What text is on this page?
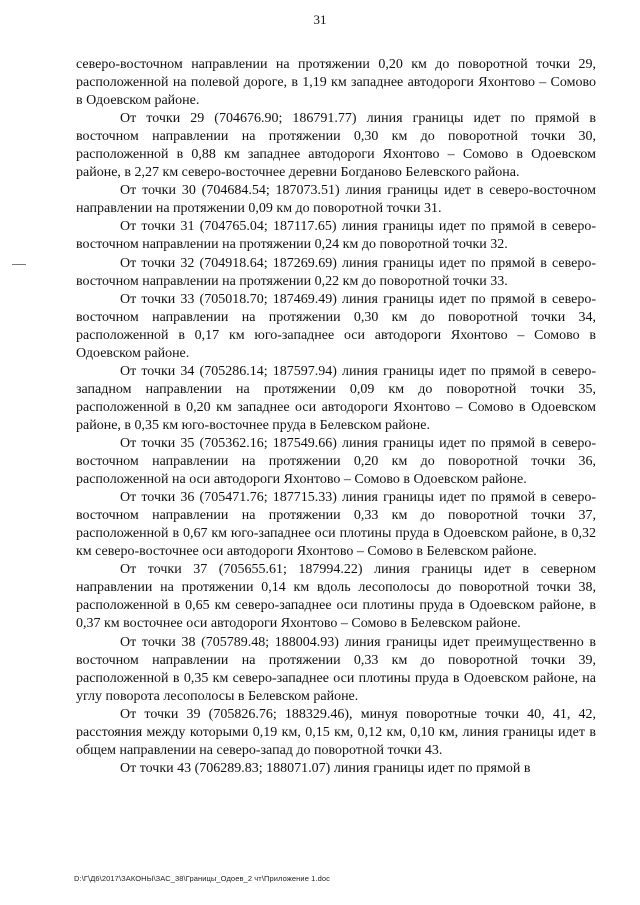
31

северо-восточном направлении на протяжении 0,20 км до поворотной точки 29, расположенной на полевой дороге, в 1,19 км западнее автодороги Яхонтово – Сомово в Одоевском районе.

От точки 29 (704676.90; 186791.77) линия границы идет по прямой в восточном направлении на протяжении 0,30 км до поворотной точки 30, расположенной в 0,88 км западнее автодороги Яхонтово – Сомово в Одоевском районе, в 2,27 км северо-восточнее деревни Богданово Белевского района.

От точки 30 (704684.54; 187073.51) линия границы идет в северо-восточном направлении на протяжении 0,09 км до поворотной точки 31.

От точки 31 (704765.04; 187117.65) линия границы идет по прямой в северо-восточном направлении на протяжении 0,24 км до поворотной точки 32.

От точки 32 (704918.64; 187269.69) линия границы идет по прямой в северо-восточном направлении на протяжении 0,22 км до поворотной точки 33.

От точки 33 (705018.70; 187469.49) линия границы идет по прямой в северо-восточном направлении на протяжении 0,30 км до поворотной точки 34, расположенной в 0,17 км юго-западнее оси автодороги Яхонтово – Сомово в Одоевском районе.

От точки 34 (705286.14; 187597.94) линия границы идет по прямой в северо-западном направлении на протяжении 0,09 км до поворотной точки 35, расположенной в 0,20 км западнее оси автодороги Яхонтово – Сомово в Одоевском районе, в 0,35 км юго-восточнее пруда в Белевском районе.

От точки 35 (705362.16; 187549.66) линия границы идет по прямой в северо-восточном направлении на протяжении 0,20 км до поворотной точки 36, расположенной на оси автодороги Яхонтово – Сомово в Одоевском районе.

От точки 36 (705471.76; 187715.33) линия границы идет по прямой в северо-восточном направлении на протяжении 0,33 км до поворотной точки 37, расположенной в 0,67 км юго-западнее оси плотины пруда в Одоевском районе, в 0,32 км северо-восточнее оси автодороги Яхонтово – Сомово в Белевском районе.

От точки 37 (705655.61; 187994.22) линия границы идет в северном направлении на протяжении 0,14 км вдоль лесополосы до поворотной точки 38, расположенной в 0,65 км северо-западнее оси плотины пруда в Одоевском районе, в 0,37 км восточнее оси автодороги Яхонтово – Сомово в Белевском районе.

От точки 38 (705789.48; 188004.93) линия границы идет преимущественно в восточном направлении на протяжении 0,33 км до поворотной точки 39, расположенной в 0,35 км северо-западнее оси плотины пруда в Одоевском районе, на углу поворота лесополосы в Белевском районе.

От точки 39 (705826.76; 188329.46), минуя поворотные точки 40, 41, 42, расстояния между которыми 0,19 км, 0,15 км, 0,12 км, 0,10 км, линия границы идет в общем направлении на северо-запад до поворотной точки 43.

От точки 43 (706289.83; 188071.07) линия границы идет по прямой в

D:\Г\Д6\2017\ЗАКОНЫ\ЗАС_38\Границы_Одоев_2 чт\Приложение 1.doc
